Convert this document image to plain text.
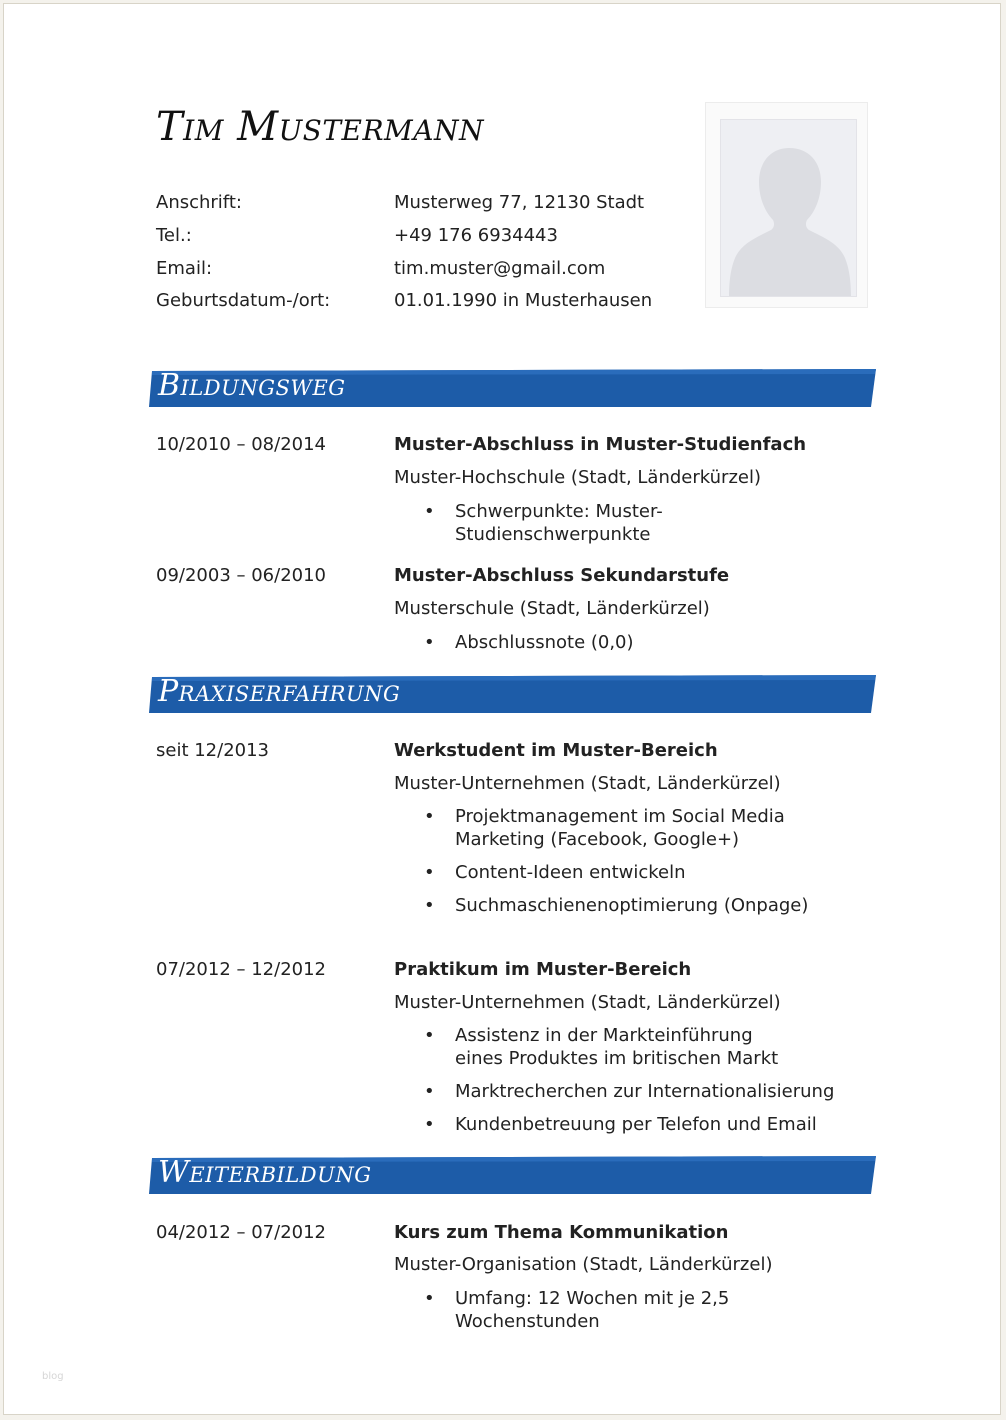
Tim Mustermann
Anschrift:	Musterweg 77, 12130 Stadt
Tel.:	+49 176 6934443
Email:	tim.muster@gmail.com
Geburtsdatum-/ort:	01.01.1990 in Musterhausen
Bildungsweg
10/2010 – 08/2014	Muster-Abschluss in Muster-Studienfach
Muster-Hochschule (Stadt, Länderkürzel)
• Schwerpunkte: Muster-Studienschwerpunkte
09/2003 – 06/2010	Muster-Abschluss Sekundarstufe
Musterschule (Stadt, Länderkürzel)
• Abschlussnote (0,0)
Praxiserfahrung
seit 12/2013	Werkstudent im Muster-Bereich
Muster-Unternehmen (Stadt, Länderkürzel)
• Projektmanagement im Social Media Marketing (Facebook, Google+)
• Content-Ideen entwickeln
• Suchmaschienenoptimierung (Onpage)
07/2012 – 12/2012	Praktikum im Muster-Bereich
Muster-Unternehmen (Stadt, Länderkürzel)
• Assistenz in der Markteinführung eines Produktes im britischen Markt
• Marktrecherchen zur Internationalisierung
• Kundenbetreuung per Telefon und Email
Weiterbildung
04/2012 – 07/2012	Kurs zum Thema Kommunikation
Muster-Organisation (Stadt, Länderkürzel)
• Umfang: 12 Wochen mit je 2,5 Wochenstunden
blog
